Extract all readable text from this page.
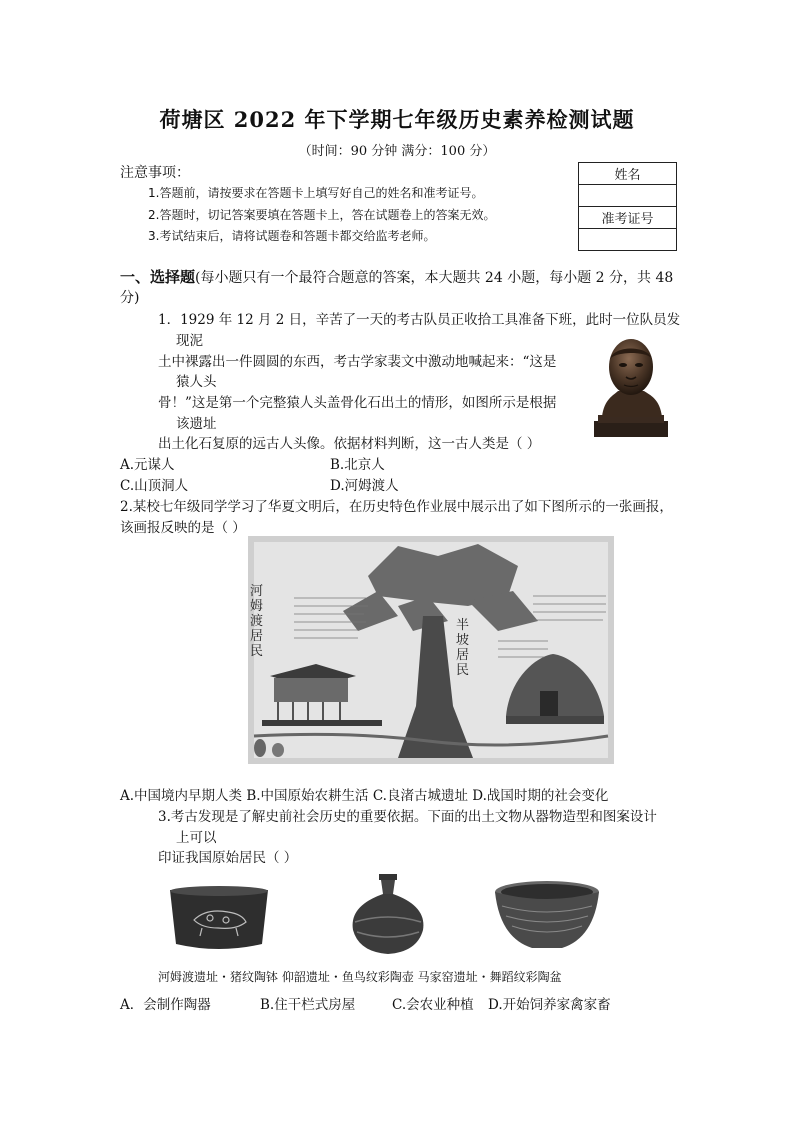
荷塘区 2022 年下学期七年级历史素养检测试题
（时间：90 分钟 满分：100 分）
注意事项：
1.答题前，请按要求在答题卡上填写好自己的姓名和准考证号。
2.答题时，切记答案要填在答题卡上，答在试题卷上的答案无效。
3.考试结束后，请将试题卷和答题卡都交给监考老师。
姓名

准考证号

一、选择题(每小题只有一个最符合题意的答案，本大题共 24 小题，每小题 2 分，共 48
分)
1．1929 年 12 月 2 日，辛苦了一天的考古队员正收拾工具准备下班，此时一位队员发
现泥
土中裸露出一件圆圆的东西，考古学家裴文中激动地喊起来：“这是
猿人头
骨！”这是第一个完整猿人头盖骨化石出土的情形，如图所示是根据
该遗址
出土化石复原的远古人头像。依据材料判断，这一古人类是（ ）
A.元谋人	B.北京人
C.山顶洞人	D.河姆渡人
2.某校七年级同学学习了华夏文明后，在历史特色作业展中展示出了如下图所示的一张画报，
该画报反映的是（ ）
河姆渡居民
半坡居民
A.中国境内早期人类 B.中国原始农耕生活 C.良渚古城遗址 D.战国时期的社会变化
3.考古发现是了解史前社会历史的重要依据。下面的出土文物从器物造型和图案设计
上可以
印证我国原始居民（ ）
河姆渡遗址・猪纹陶钵 仰韶遗址・鱼鸟纹彩陶壶 马家窑遗址・舞蹈纹彩陶盆
A．会制作陶器	B.住干栏式房屋	C.会农业种植 D.开始饲养家禽家畜
